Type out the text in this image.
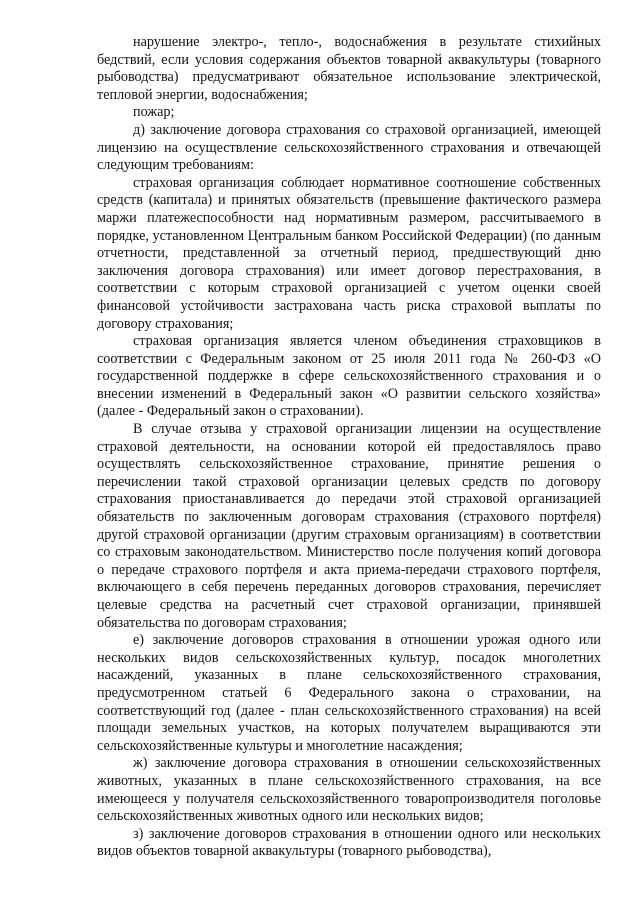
нарушение электро-, тепло-, водоснабжения в результате стихийных бедствий, если условия содержания объектов товарной аквакультуры (товарного рыбоводства) предусматривают обязательное использование электрической, тепловой энергии, водоснабжения;

пожар;

д) заключение договора страхования со страховой организацией, имеющей лицензию на осуществление сельскохозяйственного страхования и отвечающей следующим требованиям:

страховая организация соблюдает нормативное соотношение собственных средств (капитала) и принятых обязательств (превышение фактического размера маржи платежеспособности над нормативным размером, рассчитываемого в порядке, установленном Центральным банком Российской Федерации) (по данным отчетности, представленной за отчетный период, предшествующий дню заключения договора страхования) или имеет договор перестрахования, в соответствии с которым страховой организацией с учетом оценки своей финансовой устойчивости застрахована часть риска страховой выплаты по договору страхования;

страховая организация является членом объединения страховщиков в соответствии с Федеральным законом от 25 июля 2011 года № 260-ФЗ «О государственной поддержке в сфере сельскохозяйственного страхования и о внесении изменений в Федеральный закон «О развитии сельского хозяйства» (далее - Федеральный закон о страховании).

В случае отзыва у страховой организации лицензии на осуществление страховой деятельности, на основании которой ей предоставлялось право осуществлять сельскохозяйственное страхование, принятие решения о перечислении такой страховой организации целевых средств по договору страхования приостанавливается до передачи этой страховой организацией обязательств по заключенным договорам страхования (страхового портфеля) другой страховой организации (другим страховым организациям) в соответствии со страховым законодательством. Министерство после получения копий договора о передаче страхового портфеля и акта приема-передачи страхового портфеля, включающего в себя перечень переданных договоров страхования, перечисляет целевые средства на расчетный счет страховой организации, принявшей обязательства по договорам страхования;

е) заключение договоров страхования в отношении урожая одного или нескольких видов сельскохозяйственных культур, посадок многолетних насаждений, указанных в плане сельскохозяйственного страхования, предусмотренном статьей 6 Федерального закона о страховании, на соответствующий год (далее - план сельскохозяйственного страхования) на всей площади земельных участков, на которых получателем выращиваются эти сельскохозяйственные культуры и многолетние насаждения;

ж) заключение договора страхования в отношении сельскохозяйственных животных, указанных в плане сельскохозяйственного страхования, на все имеющееся у получателя сельскохозяйственного товаропроизводителя поголовье сельскохозяйственных животных одного или нескольких видов;

з) заключение договоров страхования в отношении одного или нескольких видов объектов товарной аквакультуры (товарного рыбоводства),
